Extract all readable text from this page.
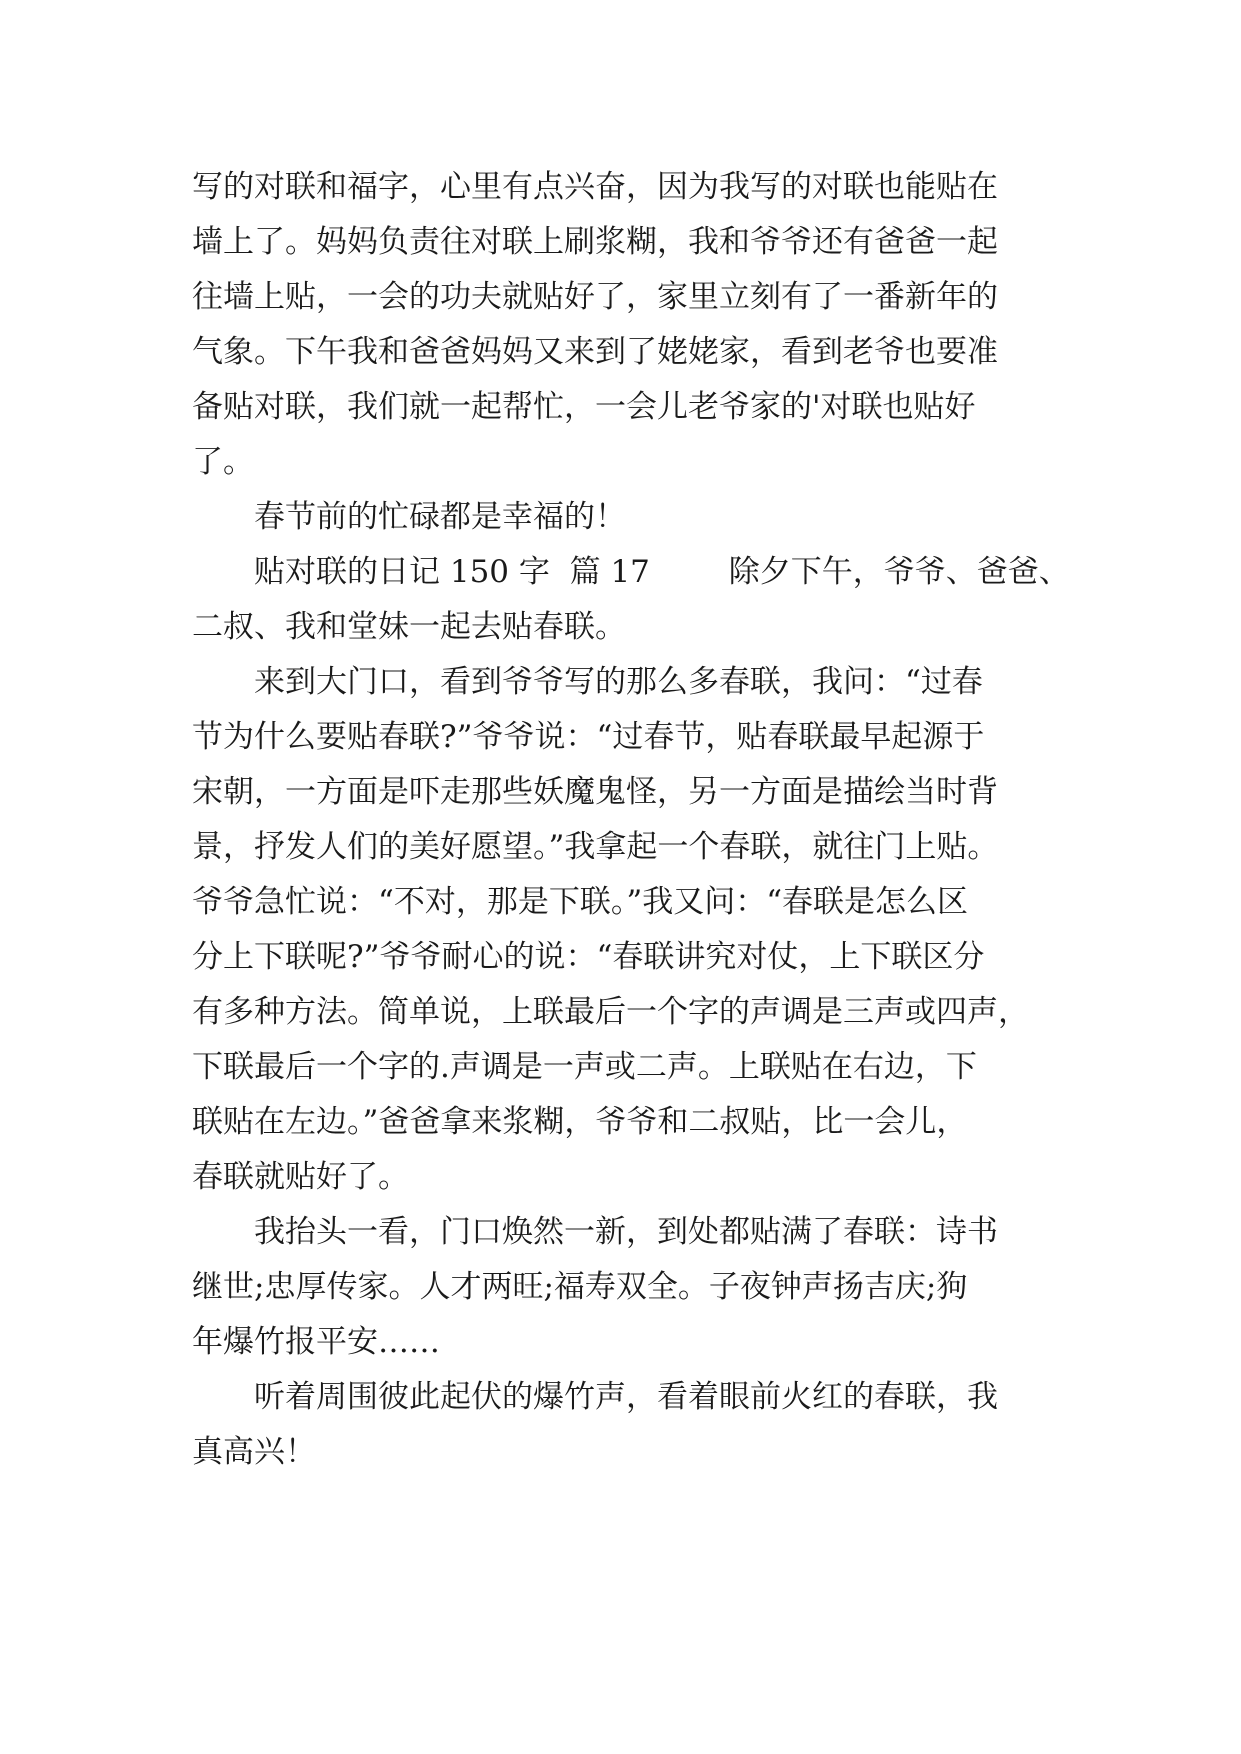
写的对联和福字，心里有点兴奋，因为我写的对联也能贴在
墙上了。妈妈负责往对联上刷浆糊，我和爷爷还有爸爸一起
往墙上贴，一会的功夫就贴好了，家里立刻有了一番新年的
气象。下午我和爸爸妈妈又来到了姥姥家，看到老爷也要准
备贴对联，我们就一起帮忙，一会儿老爷家的'对联也贴好
了。
春节前的忙碌都是幸福的！
贴对联的日记 150 字  篇 17        除夕下午，爷爷、爸爸、
二叔、我和堂妹一起去贴春联。
来到大门口，看到爷爷写的那么多春联，我问：“过春
节为什么要贴春联?”爷爷说：“过春节，贴春联最早起源于
宋朝，一方面是吓走那些妖魔鬼怪，另一方面是描绘当时背
景，抒发人们的美好愿望。”我拿起一个春联，就往门上贴。
爷爷急忙说：“不对，那是下联。”我又问：“春联是怎么区
分上下联呢?”爷爷耐心的说：“春联讲究对仗，上下联区分
有多种方法。简单说，上联最后一个字的声调是三声或四声，
下联最后一个字的.声调是一声或二声。上联贴在右边，下
联贴在左边。”爸爸拿来浆糊，爷爷和二叔贴，比一会儿，
春联就贴好了。
我抬头一看，门口焕然一新，到处都贴满了春联：诗书
继世;忠厚传家。人才两旺;福寿双全。子夜钟声扬吉庆;狗
年爆竹报平安……
听着周围彼此起伏的爆竹声，看着眼前火红的春联，我
真高兴！
